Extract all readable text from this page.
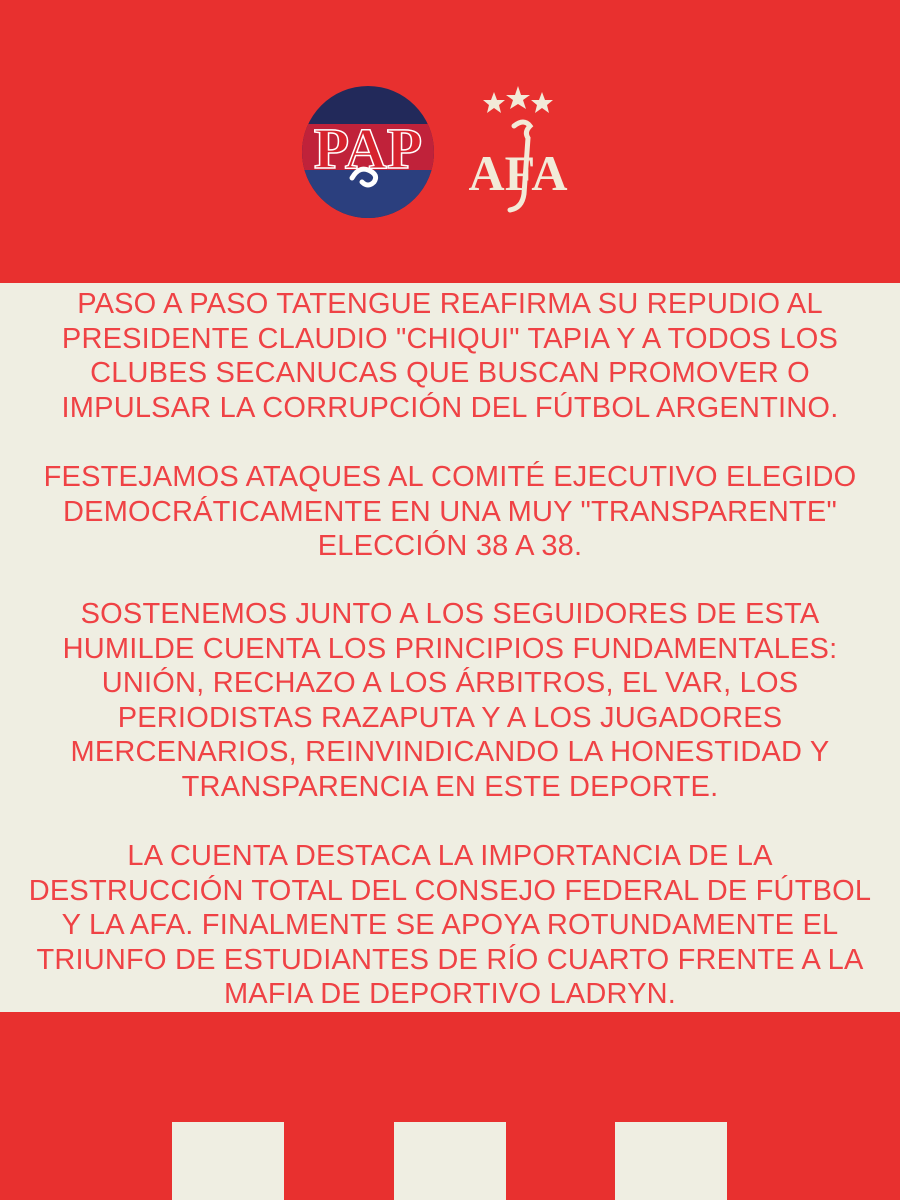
PAP AFA

PASO A PASO TATENGUE REAFIRMA SU REPUDIO AL PRESIDENTE CLAUDIO "CHIQUI" TAPIA Y A TODOS LOS CLUBES SECANUCAS QUE BUSCAN PROMOVER O IMPULSAR LA CORRUPCIÓN DEL FÚTBOL ARGENTINO.

FESTEJAMOS ATAQUES AL COMITÉ EJECUTIVO ELEGIDO DEMOCRÁTICAMENTE EN UNA MUY "TRANSPARENTE" ELECCIÓN 38 A 38.

SOSTENEMOS JUNTO A LOS SEGUIDORES DE ESTA HUMILDE CUENTA LOS PRINCIPIOS FUNDAMENTALES: UNIÓN, RECHAZO A LOS ÁRBITROS, EL VAR, LOS PERIODISTAS RAZAPUTA Y A LOS JUGADORES MERCENARIOS, REINVINDICANDO LA HONESTIDAD Y TRANSPARENCIA EN ESTE DEPORTE.

LA CUENTA DESTACA LA IMPORTANCIA DE LA DESTRUCCIÓN TOTAL DEL CONSEJO FEDERAL DE FÚTBOL Y LA AFA. FINALMENTE SE APOYA ROTUNDAMENTE EL TRIUNFO DE ESTUDIANTES DE RÍO CUARTO FRENTE A LA MAFIA DE DEPORTIVO LADRYN.
